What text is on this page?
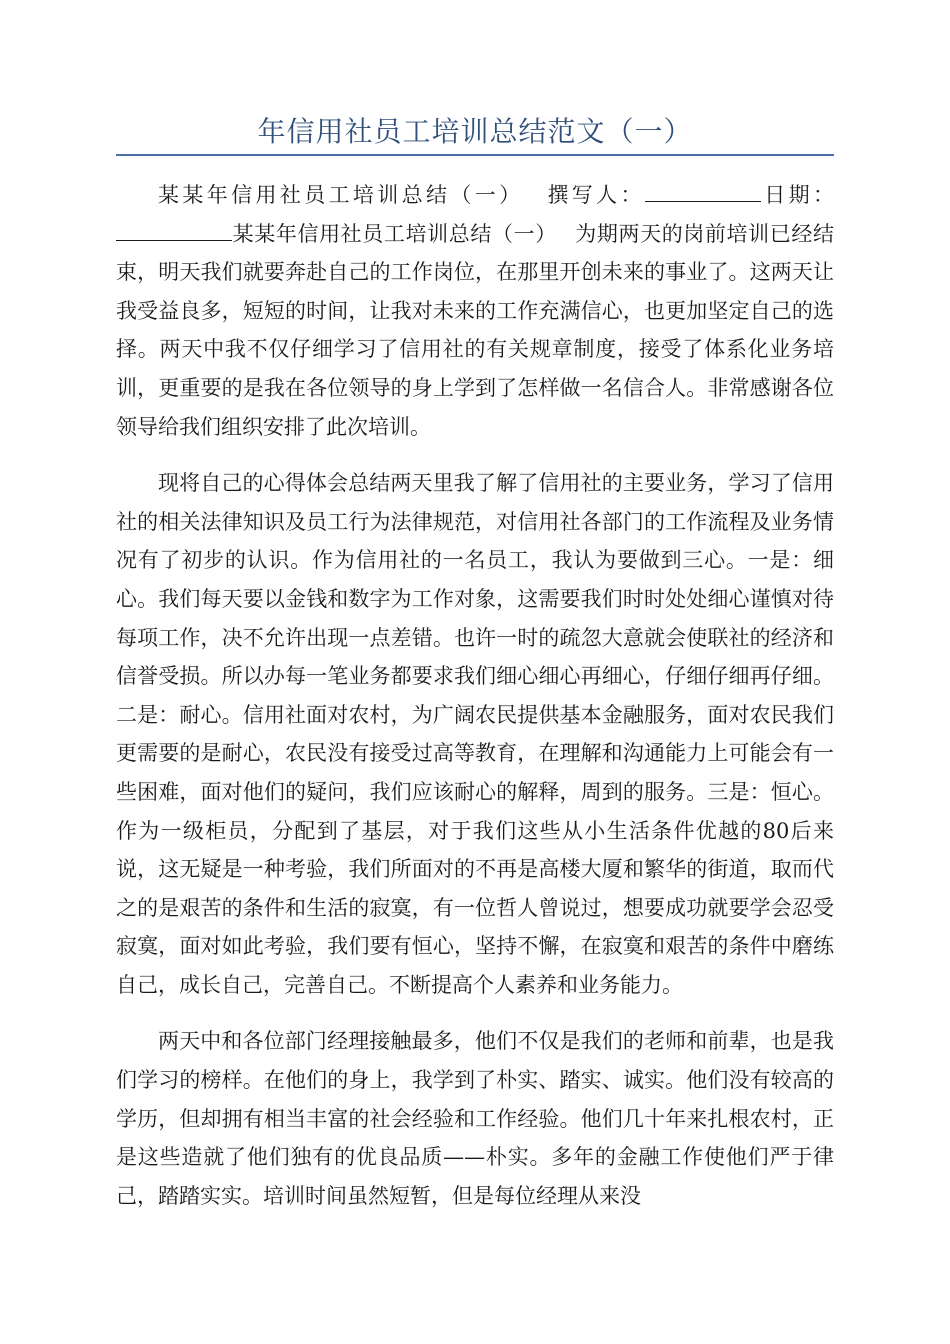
年信用社员工培训总结范文（一）

某某年信用社员工培训总结（一）　 撰写人：	日期：某某年信用社员工培训总结（一）　 为期两天的岗前培训已经结束，明天我们就要奔赴自己的工作岗位，在那里开创未来的事业了。这两天让我受益良多，短短的时间，让我对未来的工作充满信心，也更加坚定自己的选择。两天中我不仅仔细学习了信用社的有关规章制度，接受了体系化业务培训，更重要的是我在各位领导的身上学到了怎样做一名信合人。非常感谢各位领导给我们组织安排了此次培训。

现将自己的心得体会总结两天里我了解了信用社的主要业务，学习了信用社的相关法律知识及员工行为法律规范，对信用社各部门的工作流程及业务情况有了初步的认识。作为信用社的一名员工，我认为要做到三心。一是：细心。我们每天要以金钱和数字为工作对象，这需要我们时时处处细心谨慎对待每项工作，决不允许出现一点差错。也许一时的疏忽大意就会使联社的经济和信誉受损。所以办每一笔业务都要求我们细心细心再细心，仔细仔细再仔细。二是：耐心。信用社面对农村，为广阔农民提供基本金融服务，面对农民我们更需要的是耐心，农民没有接受过高等教育，在理解和沟通能力上可能会有一些困难，面对他们的疑问，我们应该耐心的解释，周到的服务。三是：恒心。作为一级柜员，分配到了基层，对于我们这些从小生活条件优越的80后来说，这无疑是一种考验，我们所面对的不再是高楼大厦和繁华的街道，取而代之的是艰苦的条件和生活的寂寞，有一位哲人曾说过，想要成功就要学会忍受寂寞，面对如此考验，我们要有恒心，坚持不懈，在寂寞和艰苦的条件中磨练自己，成长自己，完善自己。不断提高个人素养和业务能力。

两天中和各位部门经理接触最多，他们不仅是我们的老师和前辈，也是我们学习的榜样。在他们的身上，我学到了朴实、踏实、诚实。他们没有较高的学历，但却拥有相当丰富的社会经验和工作经验。他们几十年来扎根农村，正是这些造就了他们独有的优良品质——朴实。多年的金融工作使他们严于律己，踏踏实实。培训时间虽然短暂，但是每位经理从来没
